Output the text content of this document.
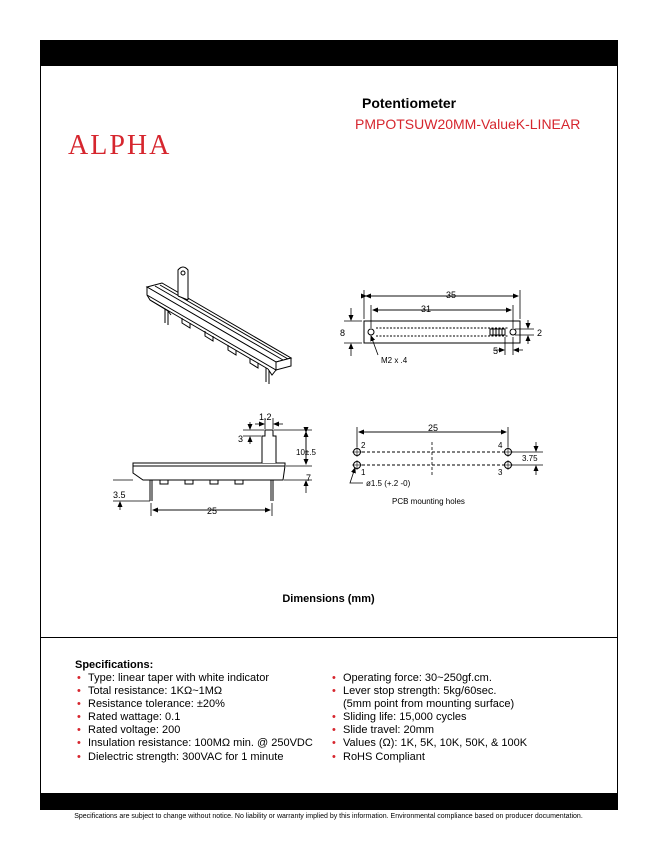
ALPHA
Potentiometer
PMPOTSUW20MM-ValueK-LINEAR
35
31
8	2
5
M2 x .4
1.2
3
10±.5
7
3.5
25
25
3.75
1
2
3
4
ø1.5 (+.2 -0)
PCB mounting holes
Dimensions (mm)
Specifications:
• Type: linear taper with white indicator
• Total resistance: 1KΩ~1MΩ
• Resistance tolerance: ±20%
• Rated wattage: 0.1
• Rated voltage: 200
• Insulation resistance: 100MΩ min. @ 250VDC
• Dielectric strength: 300VAC for 1 minute
• Operating force: 30~250gf.cm.
• Lever stop strength: 5kg/60sec.
(5mm point from mounting surface)
• Sliding life: 15,000 cycles
• Slide travel: 20mm
• Values (Ω): 1K, 5K, 10K, 50K, & 100K
• RoHS Compliant
Specifications are subject to change without notice. No liability or warranty implied by this information. Environmental compliance based on producer documentation.
